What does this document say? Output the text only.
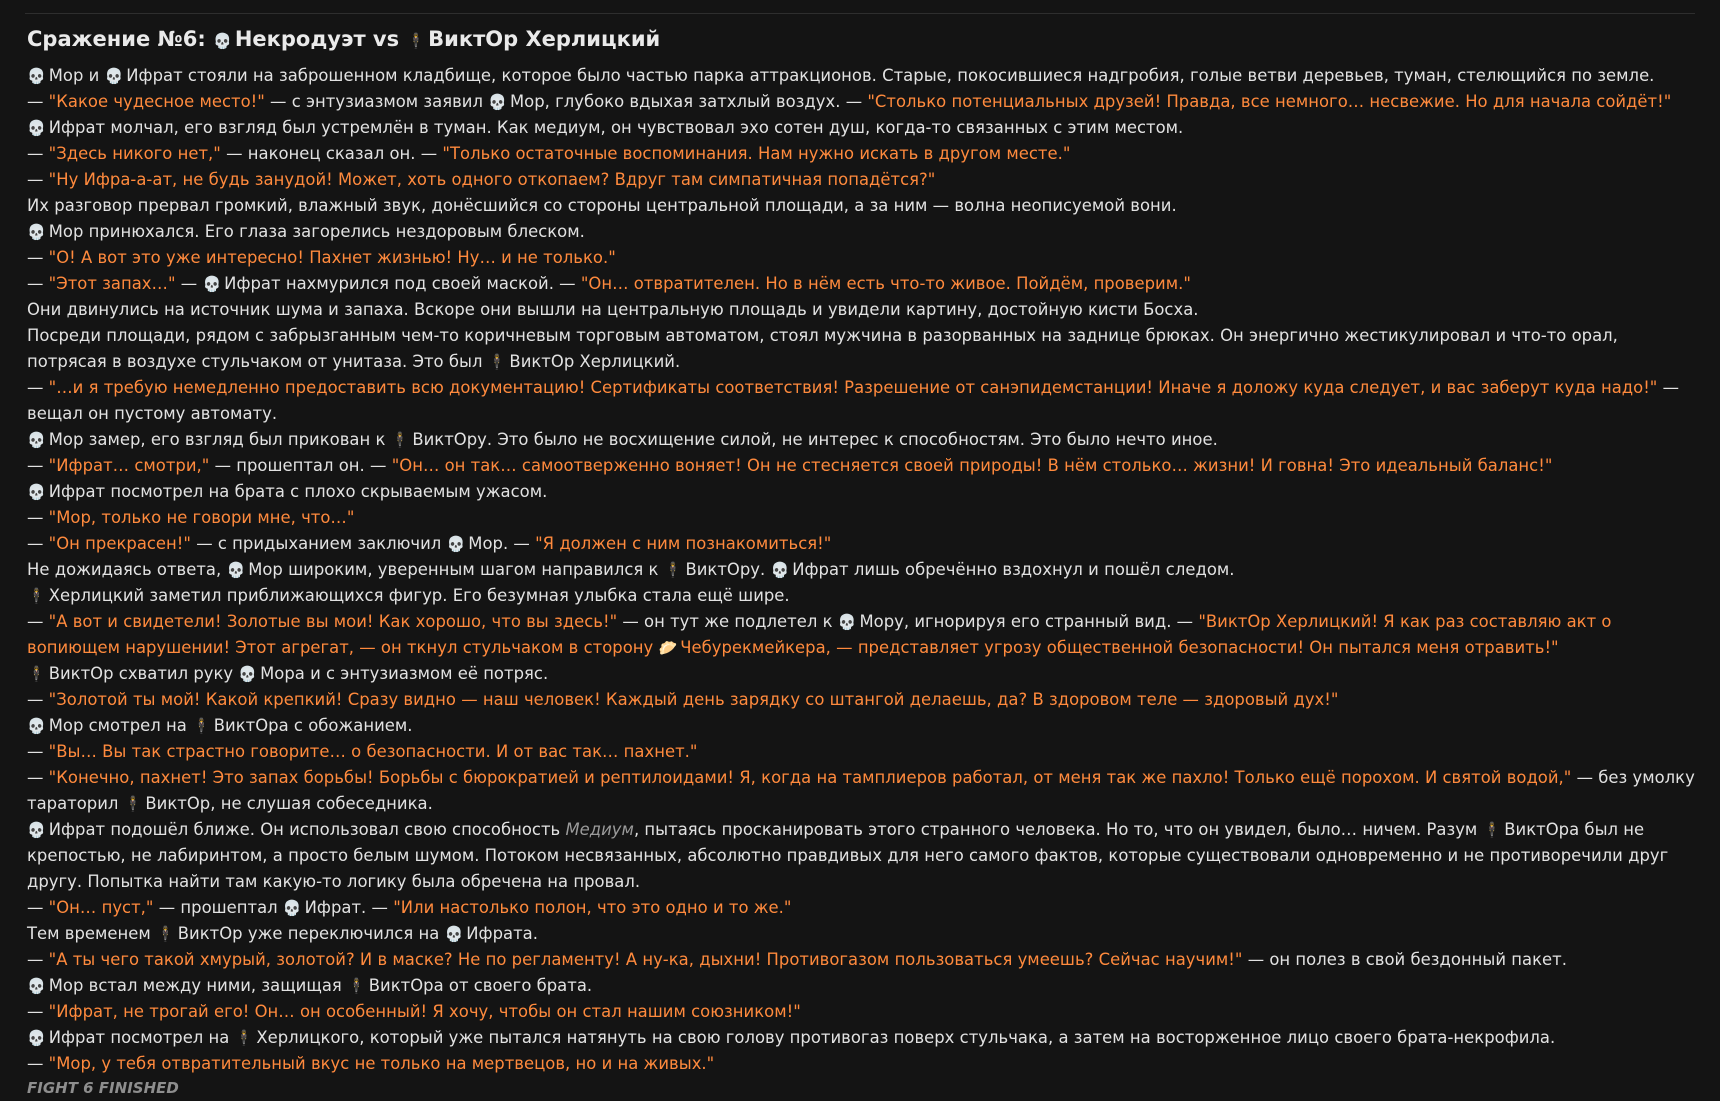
Сражение №6: 💀 Некродуэт vs 🕴 ВиктОр Херлицкий
💀 Мор и 💀 Ифрат стояли на заброшенном кладбище, которое было частью парка аттракционов. Старые, покосившиеся надгробия, голые ветви деревьев, туман, стелющийся по земле.
— "Какое чудесное место!" — с энтузиазмом заявил 💀 Мор, глубоко вдыхая затхлый воздух. — "Столько потенциальных друзей! Правда, все немного… несвежие. Но для начала сойдёт!"
💀 Ифрат молчал, его взгляд был устремлён в туман. Как медиум, он чувствовал эхо сотен душ, когда-то связанных с этим местом.
— "Здесь никого нет," — наконец сказал он. — "Только остаточные воспоминания. Нам нужно искать в другом месте."
— "Ну Ифра-а-ат, не будь занудой! Может, хоть одного откопаем? Вдруг там симпатичная попадётся?"
Их разговор прервал громкий, влажный звук, донёсшийся со стороны центральной площади, а за ним — волна неописуемой вони.
💀 Мор принюхался. Его глаза загорелись нездоровым блеском.
— "О! А вот это уже интересно! Пахнет жизнью! Ну… и не только."
— "Этот запах…" — 💀 Ифрат нахмурился под своей маской. — "Он… отвратителен. Но в нём есть что-то живое. Пойдём, проверим."
Они двинулись на источник шума и запаха. Вскоре они вышли на центральную площадь и увидели картину, достойную кисти Босха.
Посреди площади, рядом с забрызганным чем-то коричневым торговым автоматом, стоял мужчина в разорванных на заднице брюках. Он энергично жестикулировал и что-то орал, потрясая в воздухе стульчаком от унитаза. Это был 🕴 ВиктОр Херлицкий.
— "…и я требую немедленно предоставить всю документацию! Сертификаты соответствия! Разрешение от санэпидемстанции! Иначе я доложу куда следует, и вас заберут куда надо!" — вещал он пустому автомату.
💀 Мор замер, его взгляд был прикован к 🕴 ВиктОру. Это было не восхищение силой, не интерес к способностям. Это было нечто иное.
— "Ифрат… смотри," — прошептал он. — "Он… он так… самоотверженно воняет! Он не стесняется своей природы! В нём столько… жизни! И говна! Это идеальный баланс!"
💀 Ифрат посмотрел на брата с плохо скрываемым ужасом.
— "Мор, только не говори мне, что…"
— "Он прекрасен!" — с придыханием заключил 💀 Мор. — "Я должен с ним познакомиться!"
Не дожидаясь ответа, 💀 Мор широким, уверенным шагом направился к 🕴 ВиктОру. 💀 Ифрат лишь обречённо вздохнул и пошёл следом.
🕴 Херлицкий заметил приближающихся фигур. Его безумная улыбка стала ещё шире.
— "А вот и свидетели! Золотые вы мои! Как хорошо, что вы здесь!" — он тут же подлетел к 💀 Мору, игнорируя его странный вид. — "ВиктОр Херлицкий! Я как раз составляю акт о вопиющем нарушении! Этот агрегат, — он ткнул стульчаком в сторону 🥟 Чебурекмейкера, — представляет угрозу общественной безопасности! Он пытался меня отравить!"
🕴 ВиктОр схватил руку 💀 Мора и с энтузиазмом её потряс.
— "Золотой ты мой! Какой крепкий! Сразу видно — наш человек! Каждый день зарядку со штангой делаешь, да? В здоровом теле — здоровый дух!"
💀 Мор смотрел на 🕴 ВиктОра с обожанием.
— "Вы… Вы так страстно говорите… о безопасности. И от вас так… пахнет."
— "Конечно, пахнет! Это запах борьбы! Борьбы с бюрократией и рептилоидами! Я, когда на тамплиеров работал, от меня так же пахло! Только ещё порохом. И святой водой," — без умолку тараторил 🕴 ВиктОр, не слушая собеседника.
💀 Ифрат подошёл ближе. Он использовал свою способность Медиум, пытаясь просканировать этого странного человека. Но то, что он увидел, было… ничем. Разум 🕴 ВиктОра был не крепостью, не лабиринтом, а просто белым шумом. Потоком несвязанных, абсолютно правдивых для него самого фактов, которые существовали одновременно и не противоречили друг другу. Попытка найти там какую-то логику была обречена на провал.
— "Он… пуст," — прошептал 💀 Ифрат. — "Или настолько полон, что это одно и то же."
Тем временем 🕴 ВиктОр уже переключился на 💀 Ифрата.
— "А ты чего такой хмурый, золотой? И в маске? Не по регламенту! А ну-ка, дыхни! Противогазом пользоваться умеешь? Сейчас научим!" — он полез в свой бездонный пакет.
💀 Мор встал между ними, защищая 🕴 ВиктОра от своего брата.
— "Ифрат, не трогай его! Он… он особенный! Я хочу, чтобы он стал нашим союзником!"
💀 Ифрат посмотрел на 🕴 Херлицкого, который уже пытался натянуть на свою голову противогаз поверх стульчака, а затем на восторженное лицо своего брата-некрофила.
— "Мор, у тебя отвратительный вкус не только на мертвецов, но и на живых."
FIGHT 6 FINISHED
